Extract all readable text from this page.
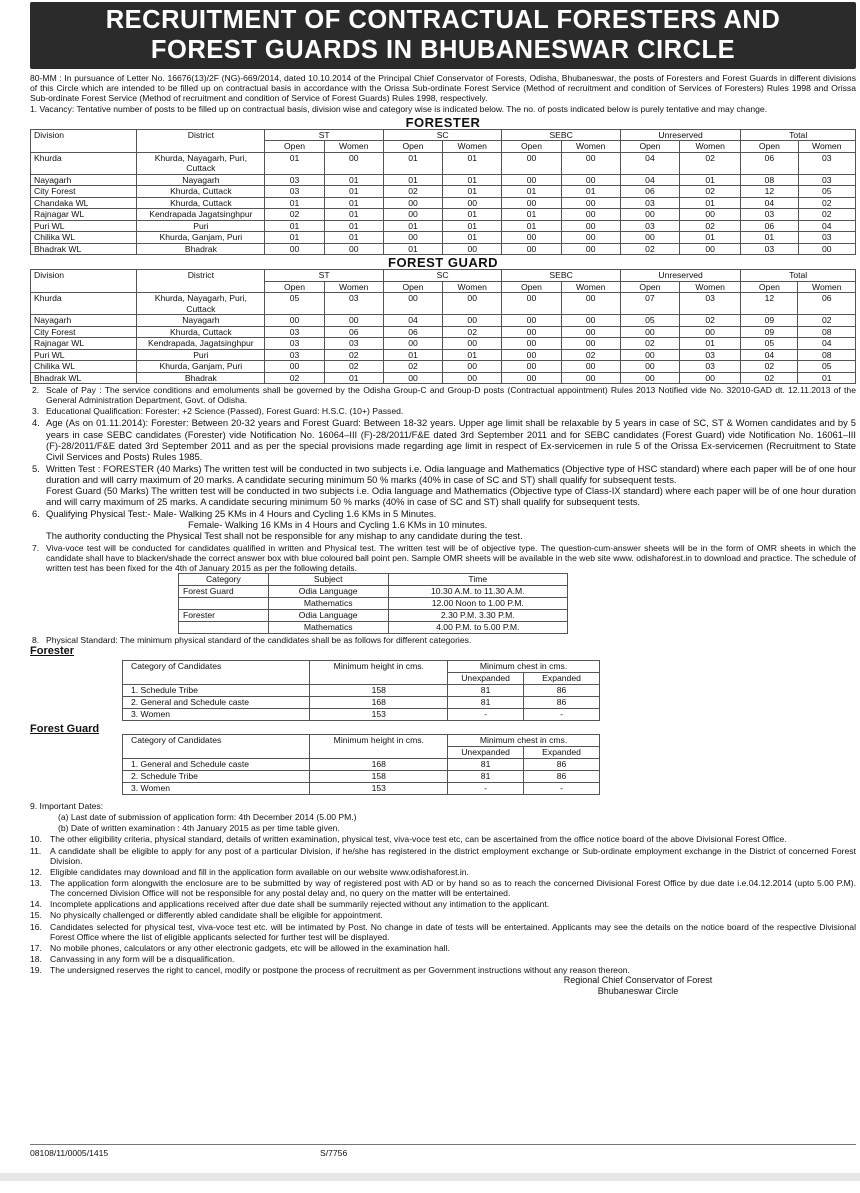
RECRUITMENT OF CONTRACTUAL FORESTERS AND
FOREST GUARDS IN BHUBANESWAR CIRCLE
80-MM : In pursuance of Letter No. 16676(13)/2F (NG)-669/2014, dated 10.10.2014 of the Principal Chief Conservator of Forests, Odisha, Bhubaneswar, the posts of Foresters and Forest Guards in different divisions of this Circle which are intended to be filled up on contractual basis in accordance with the Orissa Sub-ordinate Forest Service (Method of recruitment and condition of Services of Foresters) Rules 1998 and Orissa Sub-ordinate Forest Service (Method of recruitment and condition of Service of Forest Guards) Rules 1998, respectively.
1. Vacancy: Tentative number of posts to be filled up on contractual basis, division wise and category wise is indicated below. The no. of posts indicated below is purely tentative and may change.
FORESTER
Division	District	ST		SC		SEBC		Unreserved		Total	
		Open	Women	Open	Women	Open	Women	Open	Women	Open	Women
Khurda	Khurda, Nayagarh, Puri, Cuttack	01	00	01	01	00	00	04	02	06	03
Nayagarh	Nayagarh	03	01	01	01	00	00	04	01	08	03
City Forest	Khurda, Cuttack	03	01	02	01	01	01	06	02	12	05
Chandaka WL	Khurda, Cuttack	01	01	00	00	00	00	03	01	04	02
Rajnagar WL	Kendrapada Jagatsinghpur	02	01	00	01	01	00	00	00	03	02
Puri WL	Puri	01	01	01	01	01	00	03	02	06	04
Chilika WL	Khurda, Ganjam, Puri	01	01	00	01	00	00	00	01	01	03
Bhadrak WL	Bhadrak	00	00	01	00	00	00	02	00	03	00
FOREST GUARD
Division	District	ST		SC		SEBC		Unreserved		Total	
		Open	Women	Open	Women	Open	Women	Open	Women	Open	Women
Khurda	Khurda, Nayagarh, Puri, Cuttack	05	03	00	00	00	00	07	03	12	06
Nayagarh	Nayagarh	00	00	04	00	00	00	05	02	09	02
City Forest	Khurda, Cuttack	03	06	06	02	00	00	00	00	09	08
Rajnagar WL	Kendrapada, Jagatsinghpur	03	03	00	00	00	00	02	01	05	04
Puri WL	Puri	03	02	01	01	00	02	00	03	04	08
Chilika WL	Khurda, Ganjam, Puri	00	02	02	00	00	00	00	03	02	05
Bhadrak WL	Bhadrak	02	01	00	00	00	00	00	00	02	01
2. Scale of Pay : The service conditions and emoluments shall be governed by the Odisha Group-C and Group-D posts (Contractual appointment) Rules 2013 Notified vide No. 32010-GAD dt. 12.11.2013 of the General Administration Department, Govt. of Odisha.
3. Educational Qualification: Forester: +2 Science (Passed), Forest Guard: H.S.C. (10+) Passed.
4. Age (As on 01.11.2014): Forester: Between 20-32 years and Forest Guard: Between 18-32 years. Upper age limit shall be relaxable by 5 years in case of SC, ST & Women candidates and by 5 years in case SEBC candidates (Forester) vide Notification No. 16064–III (F)-28/2011/F&E dated 3rd September 2011 and for SEBC candidates (Forest Guard) vide Notification No. 16061–III (F)-28/2011/F&E dated 3rd September 2011 and as per the special provisions made regarding age limit in respect of Ex-servicemen in rule 5 of the Orissa Ex-servicemen (Recruitment to State Civil Services and Posts) Rules 1985.
5. Written Test : FORESTER (40 Marks) The written test will be conducted in two subjects i.e. Odia language and Mathematics (Objective type of HSC standard) where each paper will be of one hour duration and will carry maximum of 20 marks. A candidate securing minimum 50 % marks (40% in case of SC and ST) shall qualify for subsequent tests.
Forest Guard (50 Marks) The written test will be conducted in two subjects i.e. Odia language and Mathematics (Objective type of Class-IX standard) where each paper will be of one hour duration and will carry maximum of 25 marks. A candidate securing minimum 50 % marks (40% in case of SC and ST) shall qualify for subsequent tests.
6. Qualifying Physical Test:- Male- Walking 25 KMs in 4 Hours and Cycling 1.6 KMs in 5 Minutes.
Female- Walking 16 KMs in 4 Hours and Cycling 1.6 KMs in 10 minutes.
The authority conducting the Physical Test shall not be responsible for any mishap to any candidate during the test.
7. Viva-voce test will be conducted for candidates qualified in written and Physical test. The written test will be of objective type. The question-cum-answer sheets will be in the form of OMR sheets in which the candidate shall have to blacken/shade the correct answer box with blue coloured ball point pen. Sample OMR sheets will be available in the web site www. odishaforest.in to download and practice. The schedule of written test has been fixed for the 4th of January 2015 as per the following details.
Category	Subject	Time
Forest Guard	Odia Language	10.30 A.M. to 11.30 A.M.
	Mathematics	12.00 Noon to 1.00 P.M.
Forester	Odia Language	2.30 P.M. 3.30 P.M.
	Mathematics	4.00 P.M. to 5.00 P.M.
8. Physical Standard: The minimum physical standard of the candidates shall be as follows for different categories.
Forester
Category of Candidates	Minimum height in cms.	Minimum chest in cms.	
		Unexpanded	Expanded
1. Schedule Tribe	158	81	86
2. General and Schedule caste	168	81	86
3. Women	153	-	-
Forest Guard
Category of Candidates	Minimum height in cms.	Minimum chest in cms.	
		Unexpanded	Expanded
1. General and Schedule caste	168	81	86
2. Schedule Tribe	158	81	86
3. Women	153	-	-
9. Important Dates:
(a) Last date of submission of application form: 4th December 2014 (5.00 PM.)
(b) Date of written examination : 4th January 2015 as per time table given.
10. The other eligibility criteria, physical standard, details of written examination, physical test, viva-voce test etc, can be ascertained from the office notice board of the above Divisional Forest Office.
11. A candidate shall be eligible to apply for any post of a particular Division, if he/she has registered in the district employment exchange or Sub-ordinate employment exchange in the District of concerned Forest Division.
12. Eligible candidates may download and fill in the application form available on our website www.odishaforest.in.
13. The application form alongwith the enclosure are to be submitted by way of registered post with AD or by hand so as to reach the concerned Divisional Forest Office by due date i.e.04.12.2014 (upto 5.00 P.M). The concerned Division Office will not be responsible for any postal delay and, no query on the matter will be entertained.
14. Incomplete applications and applications received after due date shall be summarily rejected without any intimation to the applicant.
15. No physically challenged or differently abled candidate shall be eligible for appointment.
16. Candidates selected for physical test, viva-voce test etc. will be intimated by Post. No change in date of tests will be entertained. Applicants may see the details on the notice board of the respective Divisional Forest Office where the list of eligible applicants selected for further test will be displayed.
17. No mobile phones, calculators or any other electronic gadgets, etc will be allowed in the examination hall.
18. Canvassing in any form will be a disqualification.
19. The undersigned reserves the right to cancel, modify or postpone the process of recruitment as per Government instructions without any reason thereon.
Regional Chief Conservator of Forest
Bhubaneswar Circle
08108/11/0005/1415	S/7756
